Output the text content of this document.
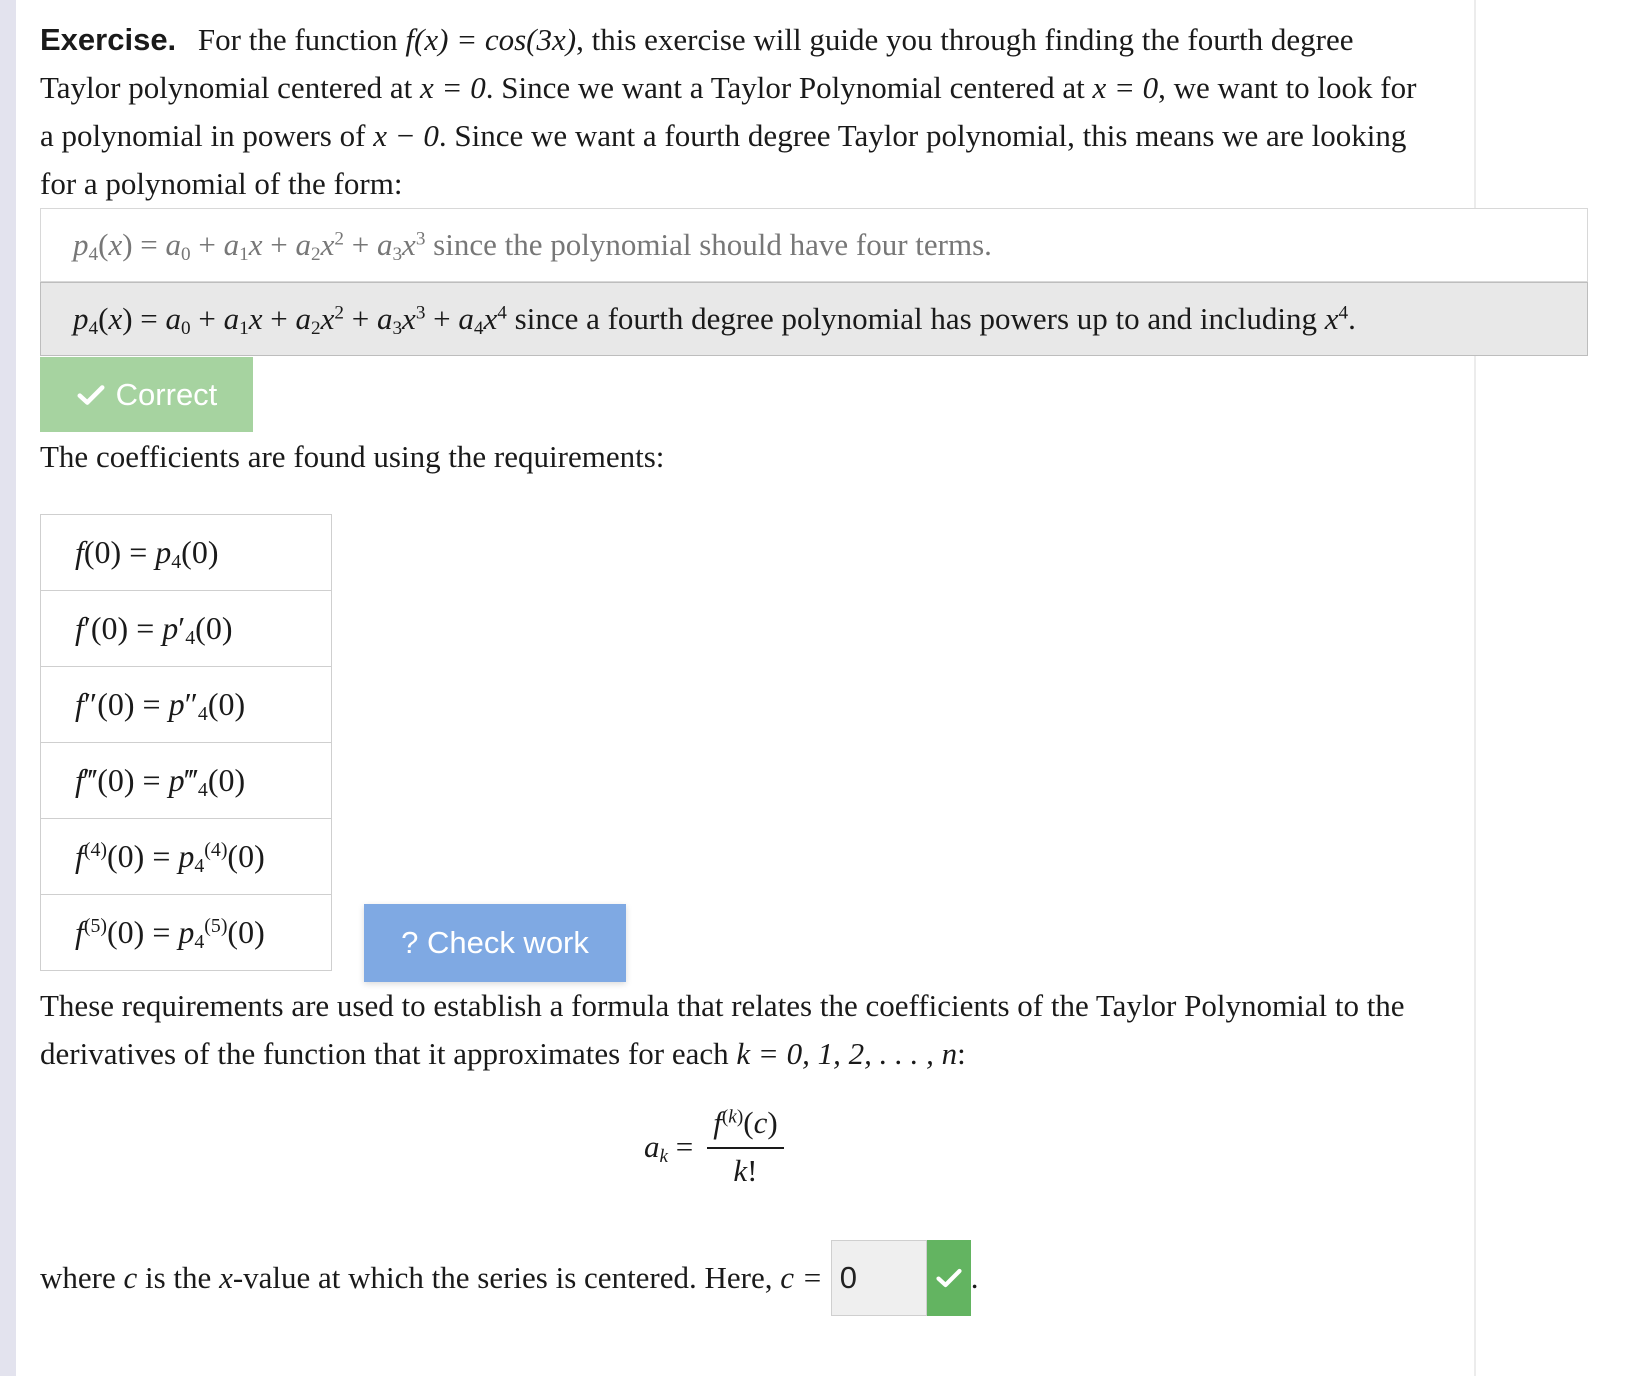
Exercise. For the function f(x) = cos(3x), this exercise will guide you through finding the fourth degree Taylor polynomial centered at x = 0. Since we want a Taylor Polynomial centered at x = 0, we want to look for a polynomial in powers of x − 0. Since we want a fourth degree Taylor polynomial, this means we are looking for a polynomial of the form:

$p_4(x) = a_0 + a_1x + a_2x^2 + a_3x^3$ since the polynomial should have four terms.
$p_4(x) = a_0 + a_1x + a_2x^2 + a_3x^3 + a_4x^4$ since a fourth degree polynomial has powers up to and including $x^4$.
Correct

The coefficients are found using the requirements:

$f(0) = p_4(0)$
$f'(0) = p'_4(0)$
$f''(0) = p''_4(0)$
f‴(0) = $p‴_4(0)$
$f^{(4)}(0) = p_4^{(4)}(0)$
$f^{(5)}(0) = p_4^{(5)}(0)$	? Check work

These requirements are used to establish a formula that relates the coefficients of the Taylor Polynomial to the derivatives of the function that it approximates for each k = 0, 1, 2, . . . , n:

$a_k = \frac{f^{(k)}(c)}{k!}$
where
c
is the
x -value at which the series is centered. Here,
c =
0	.
